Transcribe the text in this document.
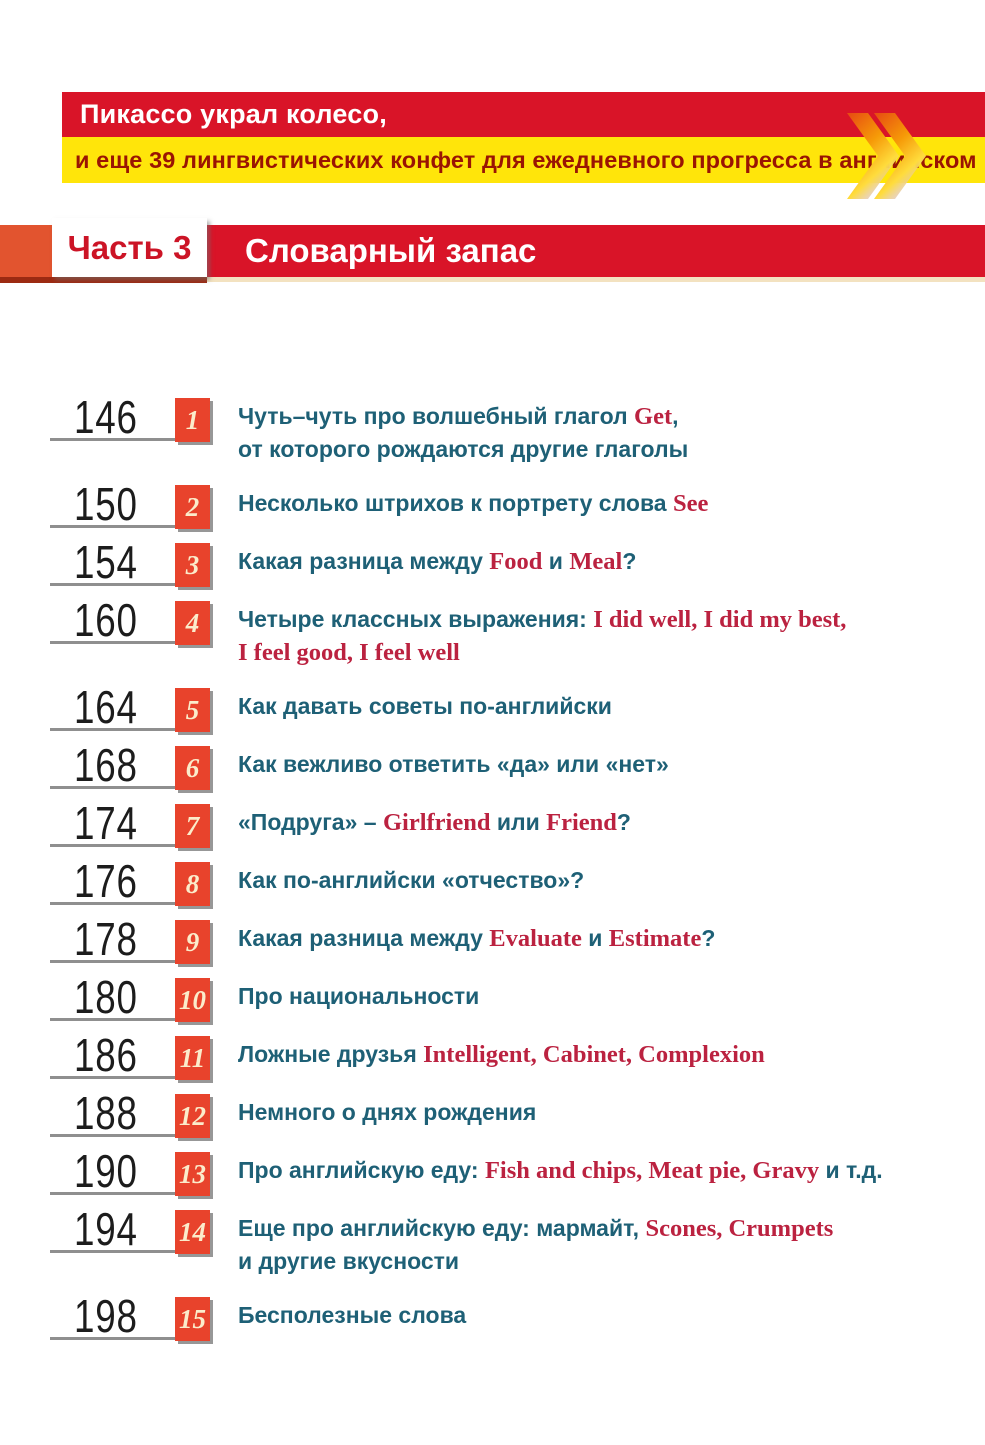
Пикассо украл колесо,
и еще 39 лингвистических конфет для ежедневного прогресса в английском
Словарный запас
Часть 3
146	1	Чуть–чуть про волшебный глагол Get,
от которого рождаются другие глаголы
150	2	Несколько штрихов к портрету слова See
154	3	Какая разница между Food и Meal?
160	4	Четыре классных выражения: I did well, I did my best,
I feel good, I feel well
164	5	Как давать советы по-английски
168	6	Как вежливо ответить «да» или «нет»
174	7	«Подруга» – Girlfriend или Friend?
176	8	Как по-английски «отчество»?
178	9	Какая разница между Evaluate и Estimate?
180 10 Про национальности
186 11 Ложные друзья Intelligent, Cabinet, Complexion
188 12 Немного о днях рождения
190 13 Про английскую еду: Fish and chips, Meat pie, Gravy и т.д.
194 14 Еще про английскую еду: мармайт, Scones, Crumpets
и другие вкусности
198 15 Бесполезные слова
